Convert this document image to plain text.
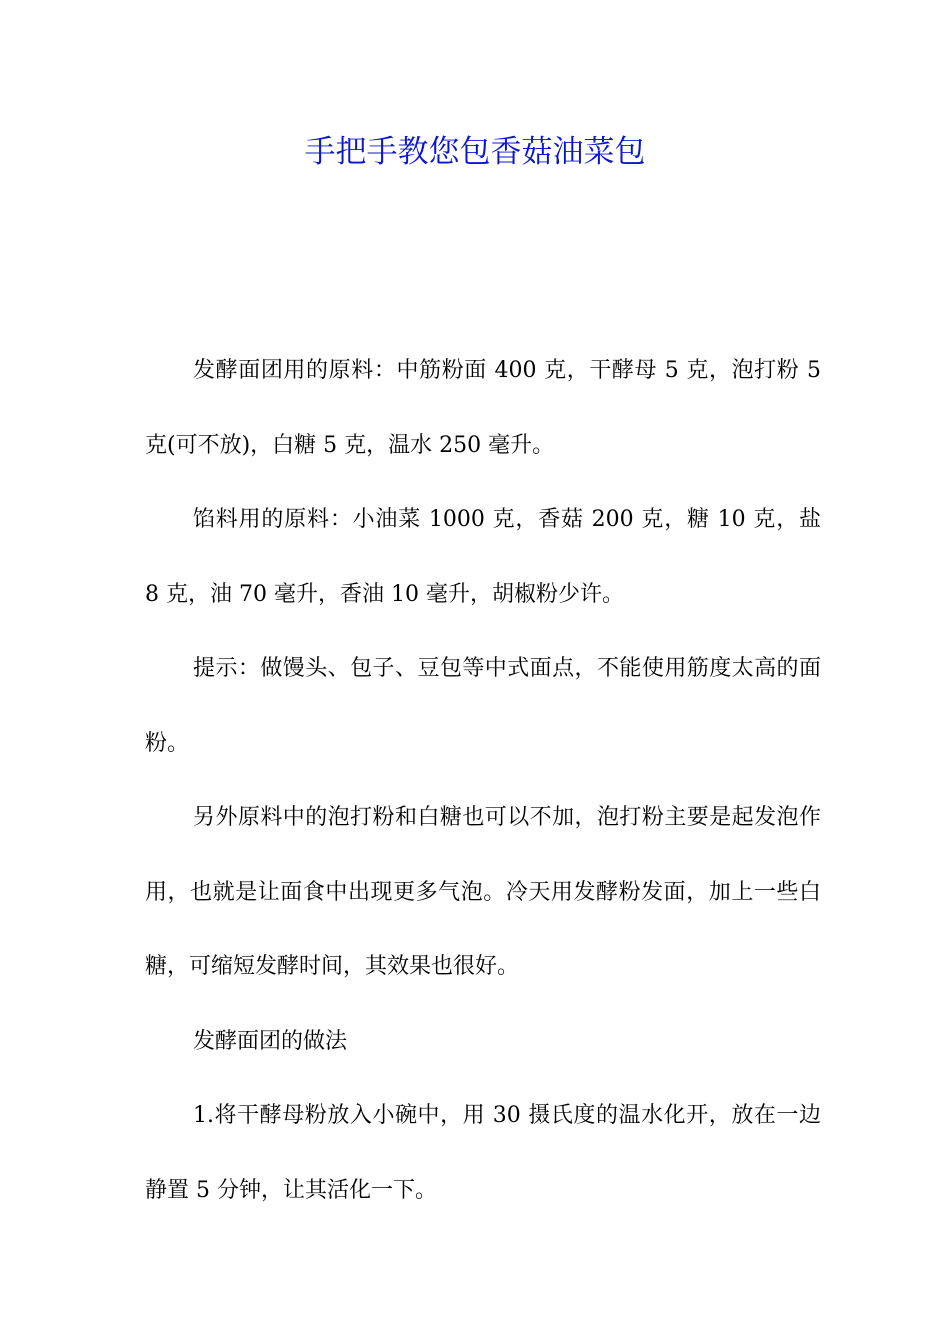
手把手教您包香菇油菜包

发酵面团用的原料：中筋粉面 400 克，干酵母 5 克，泡打粉 5 克(可不放)，白糖 5 克，温水 250 毫升。

馅料用的原料：小油菜 1000 克，香菇 200 克，糖 10 克，盐 8 克，油 70 毫升，香油 10 毫升，胡椒粉少许。

提示：做馒头、包子、豆包等中式面点，不能使用筋度太高的面粉。

另外原料中的泡打粉和白糖也可以不加，泡打粉主要是起发泡作用，也就是让面食中出现更多气泡。冷天用发酵粉发面，加上一些白糖，可缩短发酵时间，其效果也很好。

发酵面团的做法

1.将干酵母粉放入小碗中，用 30 摄氏度的温水化开，放在一边静置 5 分钟，让其活化一下。
